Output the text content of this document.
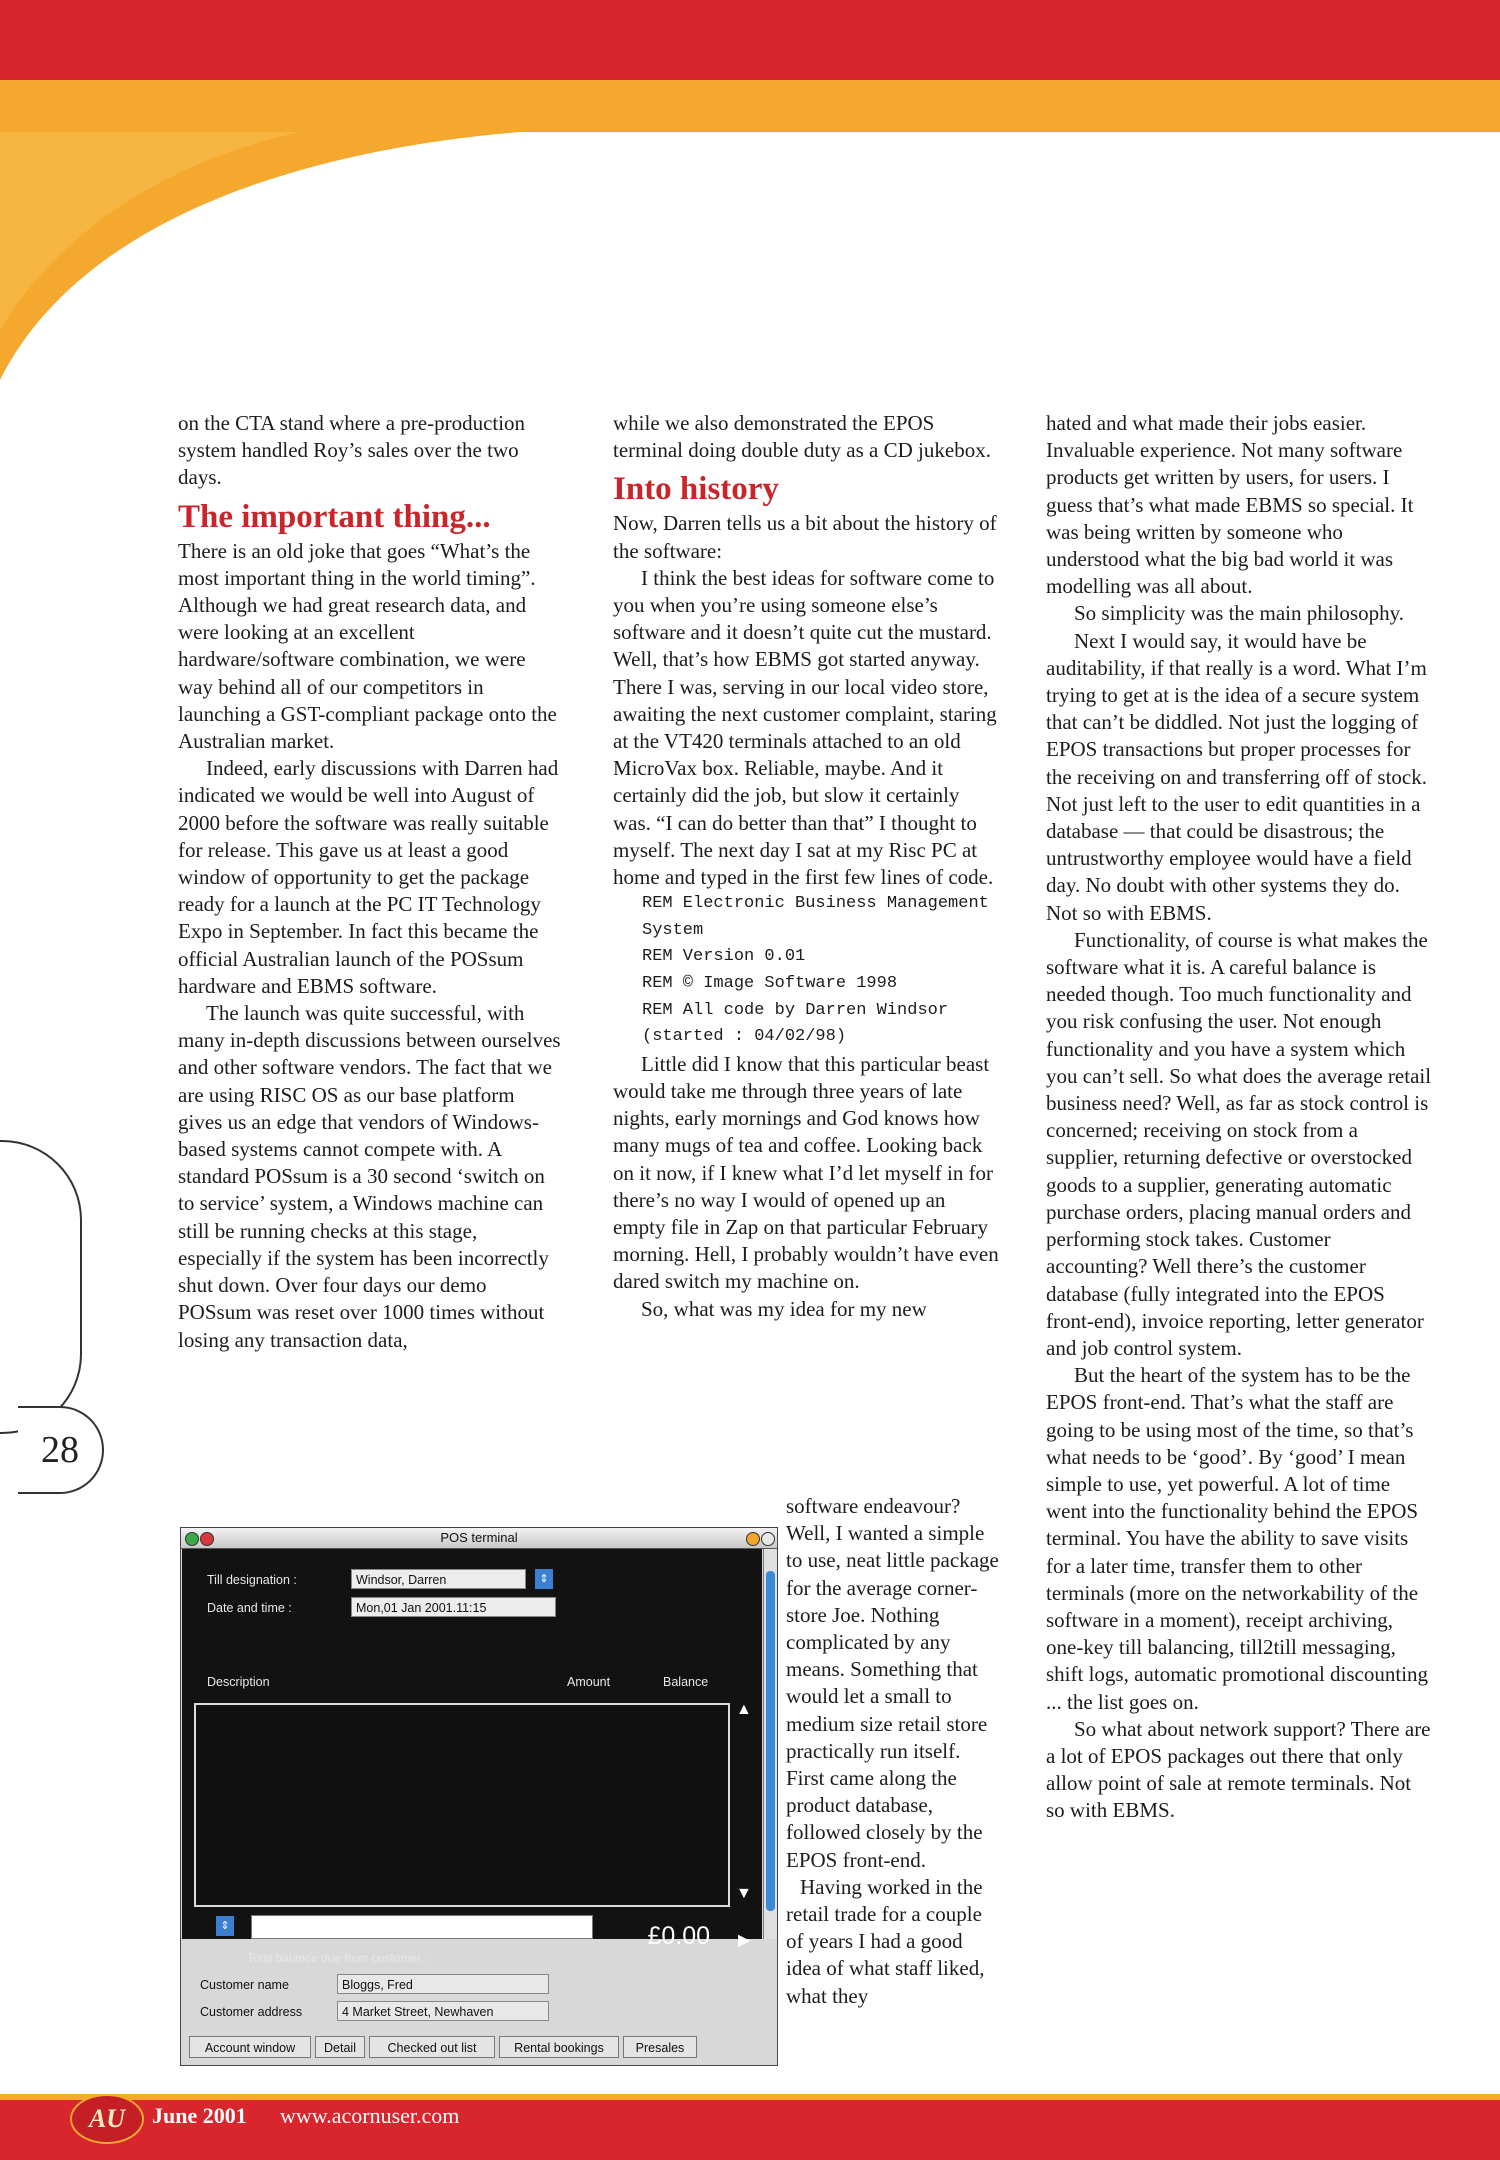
28

on the CTA stand where a pre-production system handled Roy’s sales over the two days.

The important thing...

There is an old joke that goes “What’s the most important thing in the world timing”. Although we had great research data, and were looking at an excellent hardware/software combination, we were way behind all of our competitors in launching a GST-compliant package onto the Australian market.

Indeed, early discussions with Darren had indicated we would be well into August of 2000 before the software was really suitable for release. This gave us at least a good window of opportunity to get the package ready for a launch at the PC IT Technology Expo in September. In fact this became the official Australian launch of the POSsum hardware and EBMS software.

The launch was quite successful, with many in-depth discussions between ourselves and other software vendors. The fact that we are using RISC OS as our base platform gives us an edge that vendors of Windows-based systems cannot compete with. A standard POSsum is a 30 second ‘switch on to service’ system, a Windows machine can still be running checks at this stage, especially if the system has been incorrectly shut down. Over four days our demo POSsum was reset over 1000 times without losing any transaction data,

while we also demonstrated the EPOS terminal doing double duty as a CD jukebox.

Into history

Now, Darren tells us a bit about the history of the software:

I think the best ideas for software come to you when you’re using someone else’s software and it doesn’t quite cut the mustard. Well, that’s how EBMS got started anyway. There I was, serving in our local video store, awaiting the next customer complaint, staring at the VT420 terminals attached to an old MicroVax box. Reliable, maybe. And it certainly did the job, but slow it certainly was. “I can do better than that” I thought to myself. The next day I sat at my Risc PC at home and typed in the first few lines of code.

REM Electronic Business Management System
REM Version 0.01
REM © Image Software 1998
REM All code by Darren Windsor (started : 04/02/98)

Little did I know that this particular beast would take me through three years of late nights, early mornings and God knows how many mugs of tea and coffee. Looking back on it now, if I knew what I’d let myself in for there’s no way I would of opened up an empty file in Zap on that particular February morning. Hell, I probably wouldn’t have even dared switch my machine on.

So, what was my idea for my new

software endeavour? Well, I wanted a simple to use, neat little package for the average corner-store Joe. Nothing complicated by any means. Something that would let a small to medium size retail store practically run itself. First came along the product database, followed closely by the EPOS front-end.

Having worked in the retail trade for a couple of years I had a good idea of what staff liked, what they

hated and what made their jobs easier. Invaluable experience. Not many software products get written by users, for users. I guess that’s what made EBMS so special. It was being written by someone who understood what the big bad world it was modelling was all about.

So simplicity was the main philosophy.

Next I would say, it would have be auditability, if that really is a word. What I’m trying to get at is the idea of a secure system that can’t be diddled. Not just the logging of EPOS transactions but proper processes for the receiving on and transferring off of stock. Not just left to the user to edit quantities in a database — that could be disastrous; the untrustworthy employee would have a field day. No doubt with other systems they do. Not so with EBMS.

Functionality, of course is what makes the software what it is. A careful balance is needed though. Too much functionality and you risk confusing the user. Not enough functionality and you have a system which you can’t sell. So what does the average retail business need? Well, as far as stock control is concerned; receiving on stock from a supplier, returning defective or overstocked goods to a supplier, generating automatic purchase orders, placing manual orders and performing stock takes. Customer accounting? Well there’s the customer database (fully integrated into the EPOS front-end), invoice reporting, letter generator and job control system.

But the heart of the system has to be the EPOS front-end. That’s what the staff are going to be using most of the time, so that’s what needs to be ‘good’. By ‘good’ I mean simple to use, yet powerful. A lot of time went into the functionality behind the EPOS terminal. You have the ability to save visits for a later time, transfer them to other terminals (more on the networkability of the software in a moment), receipt archiving, one-key till balancing, till2till messaging, shift logs, automatic promotional discounting ... the list goes on.

So what about network support? There are a lot of EPOS packages out there that only allow point of sale at remote terminals. Not so with EBMS.

POS terminal
Till designation :	Windsor, Darren	⇕
Date and time :	Mon,01 Jan 2001.11:15
Description	Amount	Balance
▲
▼
⇕
Total balance due from customer :
£0.00 ▶
Customer name	Bloggs, Fred
Customer address	4 Market Street, Newhaven
Account window	Detail	Checked out list	Rental bookings	Presales
AU	June 2001 www.acornuser.com
